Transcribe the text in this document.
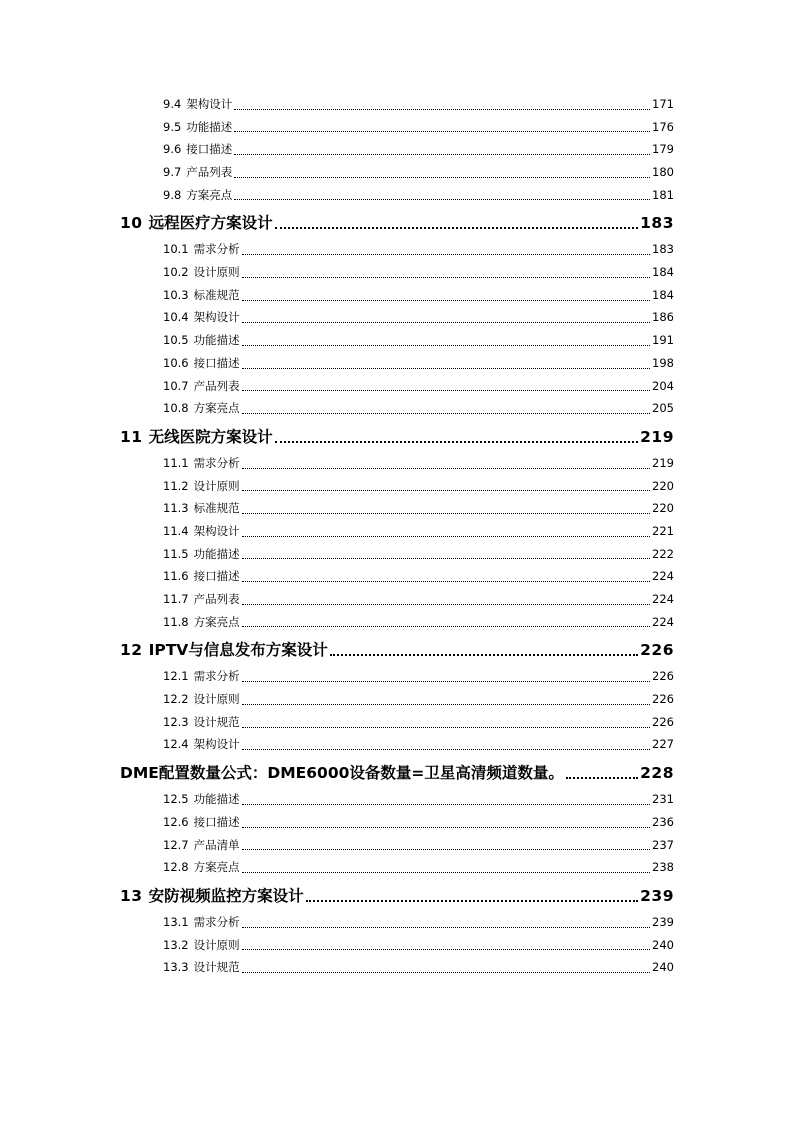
9.4 架构设计	171
9.5 功能描述	176
9.6 接口描述	179
9.7 产品列表	180
9.8 方案亮点	181
10 远程医疗方案设计	183
10.1 需求分析	183
10.2 设计原则	184
10.3 标准规范	184
10.4 架构设计	186
10.5 功能描述	191
10.6 接口描述	198
10.7 产品列表	204
10.8 方案亮点	205
11 无线医院方案设计	219
11.1 需求分析	219
11.2 设计原则	220
11.3 标准规范	220
11.4 架构设计	221
11.5 功能描述	222
11.6 接口描述	224
11.7 产品列表	224
11.8 方案亮点	224
12 IPTV与信息发布方案设计	226
12.1 需求分析	226
12.2 设计原则	226
12.3 设计规范	226
12.4 架构设计	227
DME配置数量公式：DME6000设备数量=卫星高清频道数量。	228
12.5 功能描述	231
12.6 接口描述	236
12.7 产品清单	237
12.8 方案亮点	238
13 安防视频监控方案设计	239
13.1 需求分析	239
13.2 设计原则	240
13.3 设计规范	240
